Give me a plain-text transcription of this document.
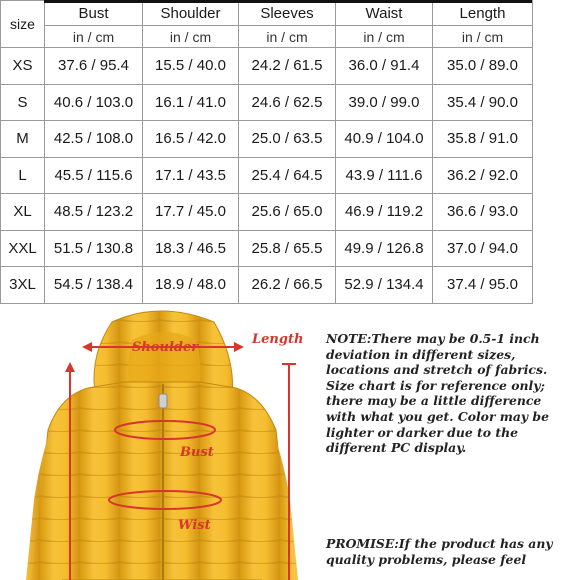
size	Bust	Shoulder	Sleeves	Waist	Length
	in / cm	in / cm	in / cm	in / cm	in / cm
XS	37.6 / 95.4	15.5 / 40.0	24.2 / 61.5	36.0 / 91.4	35.0 / 89.0
S	40.6 / 103.0	16.1 / 41.0	24.6 / 62.5	39.0 / 99.0	35.4 / 90.0
M	42.5 / 108.0	16.5 / 42.0	25.0 / 63.5	40.9 / 104.0	35.8 / 91.0
L	45.5 / 115.6	17.1 / 43.5	25.4 / 64.5	43.9 / 111.6	36.2 / 92.0
XL	48.5 / 123.2	17.7 / 45.0	25.6 / 65.0	46.9 / 119.2	36.6 / 93.0
XXL	51.5 / 130.8	18.3 / 46.5	25.8 / 65.5	49.9 / 126.8	37.0 / 94.0
3XL	54.5 / 138.4	18.9 / 48.0	26.2 / 66.5	52.9 / 134.4	37.4 / 95.0
Shoulder
Length
Bust
Wist
NOTE:There may be 0.5-1 inch deviation in different sizes, locations and stretch of fabrics. Size chart is for reference only; there may be a little difference with what you get. Color may be lighter or darker due to the different PC display.
PROMISE:If the product has any quality problems, please feel
